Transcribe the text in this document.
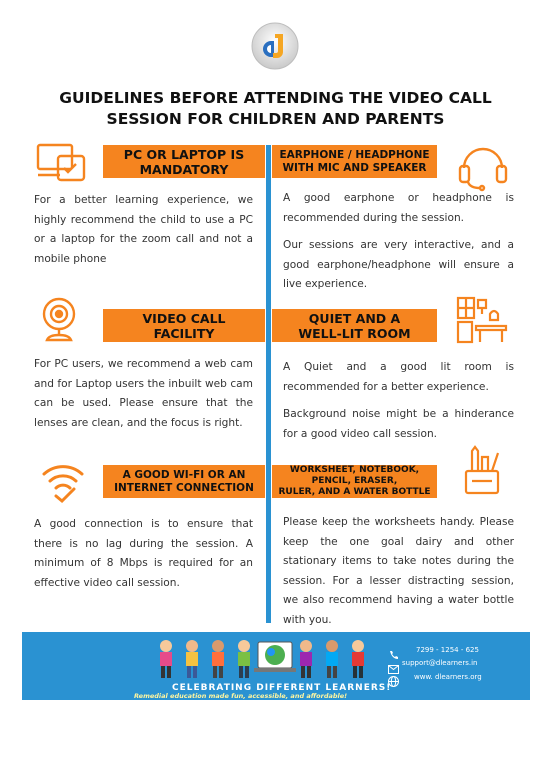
GUIDELINES BEFORE ATTENDING THE VIDEO CALL
SESSION FOR CHILDREN AND PARENTS
PC OR LAPTOP IS
MANDATORY

For a better learning experience, we highly recommend the child to use a PC or a laptop for the zoom call and not a mobile phone

EARPHONE / HEADPHONE
WITH MIC AND SPEAKER

A good earphone or headphone is recommended during the session.

Our sessions are very interactive, and a good earphone/headphone will ensure a live experience.

VIDEO CALL
FACILITY

For PC users, we recommend a web cam and for Laptop users the inbuilt web cam can be used. Please ensure that the lenses are clean, and the focus is right.

QUIET AND A
WELL-LIT ROOM

A Quiet and a good lit room is recommended for a better experience.

Background noise might be a hinderance for a good video call session.

A GOOD WI-FI OR AN
INTERNET CONNECTION

A good connection is to ensure that there is no lag during the session. A minimum of 8 Mbps is required for an effective video call session.

WORKSHEET, NOTEBOOK,
PENCIL, ERASER,
RULER, AND A WATER BOTTLE

Please keep the worksheets handy. Please keep the one goal dairy and other stationary items to take notes during the session. For a lesser distracting session, we also recommend having a water bottle with you.

CELEBRATING DIFFERENT LEARNERS!
Remedial education made fun, accessible, and affordable!
7299 - 1254 - 625
support@dlearners.in
www. dlearners.org
